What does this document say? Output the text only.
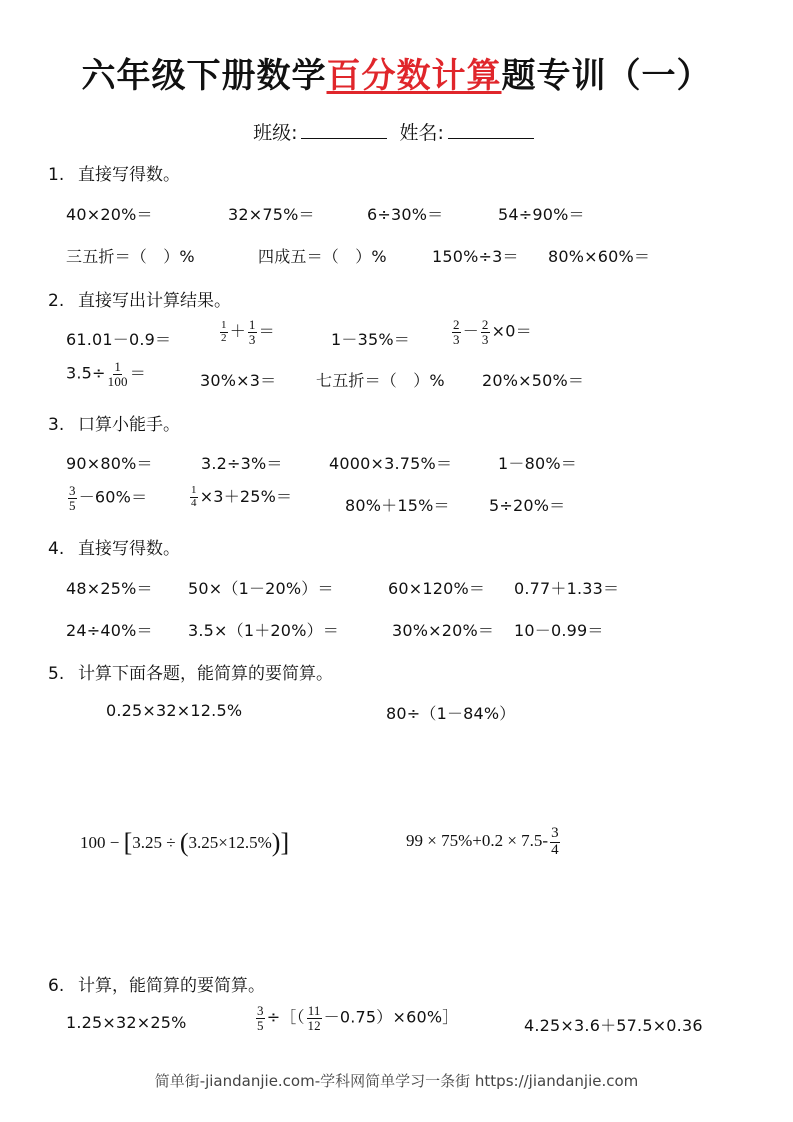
六年级下册数学百分数计算题专训（一）
班级:	姓名:
1. 直接写得数。
40×20%＝	32×75%＝	6÷30%＝	54÷90%＝
三五折＝（　）%	四成五＝（　）%	150%÷3＝ 80%×60%＝
2. 直接写出计算结果。
61.01－0.9＝	$\frac{1}{2} + \frac{1}{3}$ ＝	1－35%＝	$\frac{2}{3} - \frac{2}{3} \times 0=$
$3.5\div \frac{1}{100}$ ＝	30%×3＝ 七五折＝（　）% 20%×50%＝
3. 口算小能手。
90×80%＝	3.2÷3%＝	4000×3.75%＝	1－80%＝
$\frac{3}{5} -60\%=$	$\frac{1}{4} \times 3+25\%=$	80%＋15%＝ 5÷20%＝
4. 直接写得数。
48×25%＝ 50×（1－20%）＝	60×120%＝ 0.77＋1.33＝
24÷40%＝ 3.5×（1＋20%）＝	30%×20%＝ 10－0.99＝
5. 计算下面各题，能简算的要简算。
0.25×32×12.5%	80÷（1－84%）
100 − [3.25 ÷ (3.25×12.5%)]	$99 \times 75\%+0.2 \times 7.5- \frac{3}{4}$
6. 计算，能简算的要简算。
1.25×32×25%	$\frac{3}{5}$ ÷［（ $\frac{11}{12}$ －0.75）×60%］	4.25×3.6＋57.5×0.36
简单街-jiandanjie.com-学科网简单学习一条街 https://jiandanjie.com
